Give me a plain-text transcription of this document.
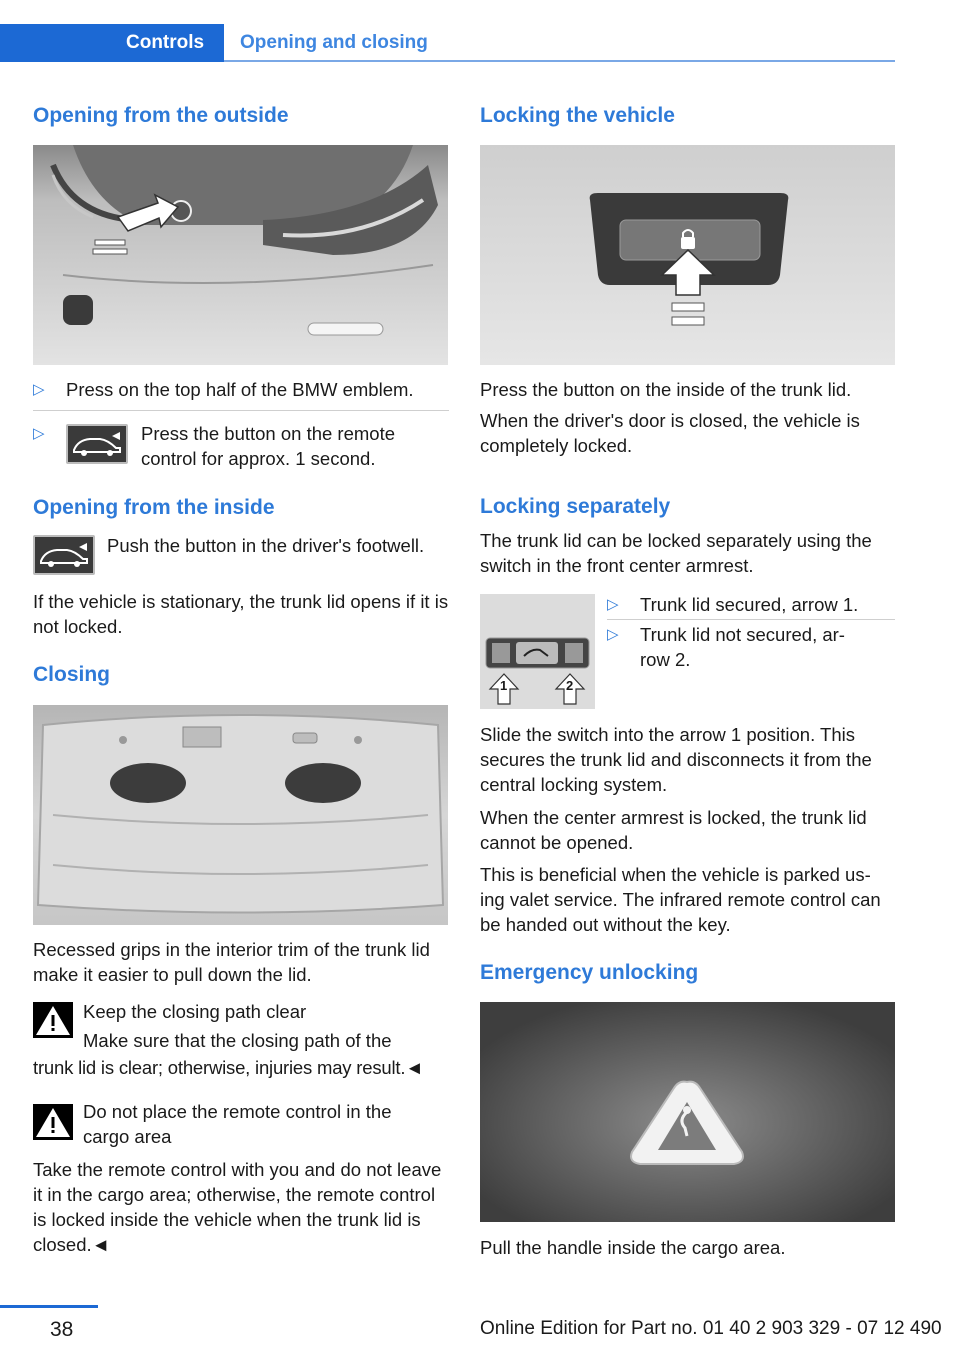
Controls	Opening and closing
Opening from the outside
▷ Press on the top half of the BMW emblem.
▷	Press the button on the remote control for approx. 1 second.

Opening from the inside

Push the button in the driver's footwell.

If the vehicle is stationary, the trunk lid opens if it is not locked.

Closing

Recessed grips in the interior trim of the trunk lid make it easier to pull down the lid.

Keep the closing path clear

Make sure that the closing path of the

trunk lid is clear; otherwise, injuries may result.◄

Do not place the remote control in the cargo area

Take the remote control with you and do not leave it in the cargo area; otherwise, the remote control is locked inside the vehicle when the trunk lid is closed.◄

Locking the vehicle

Press the button on the inside of the trunk lid.

When the driver's door is closed, the vehicle is completely locked.

Locking separately

The trunk lid can be locked separately using the switch in the front center armrest.

1	2
▷ Trunk lid secured, arrow 1.
▷ Trunk lid not secured, ar‐ row 2.

Slide the switch into the arrow 1 position. This secures the trunk lid and disconnects it from the central locking system.

When the center armrest is locked, the trunk lid cannot be opened.

This is beneficial when the vehicle is parked us‐ ing valet service. The infrared remote control can be handed out without the key.

Emergency unlocking

Pull the handle inside the cargo area.

38	Online Edition for Part no. 01 40 2 903 329 - 07 12 490
